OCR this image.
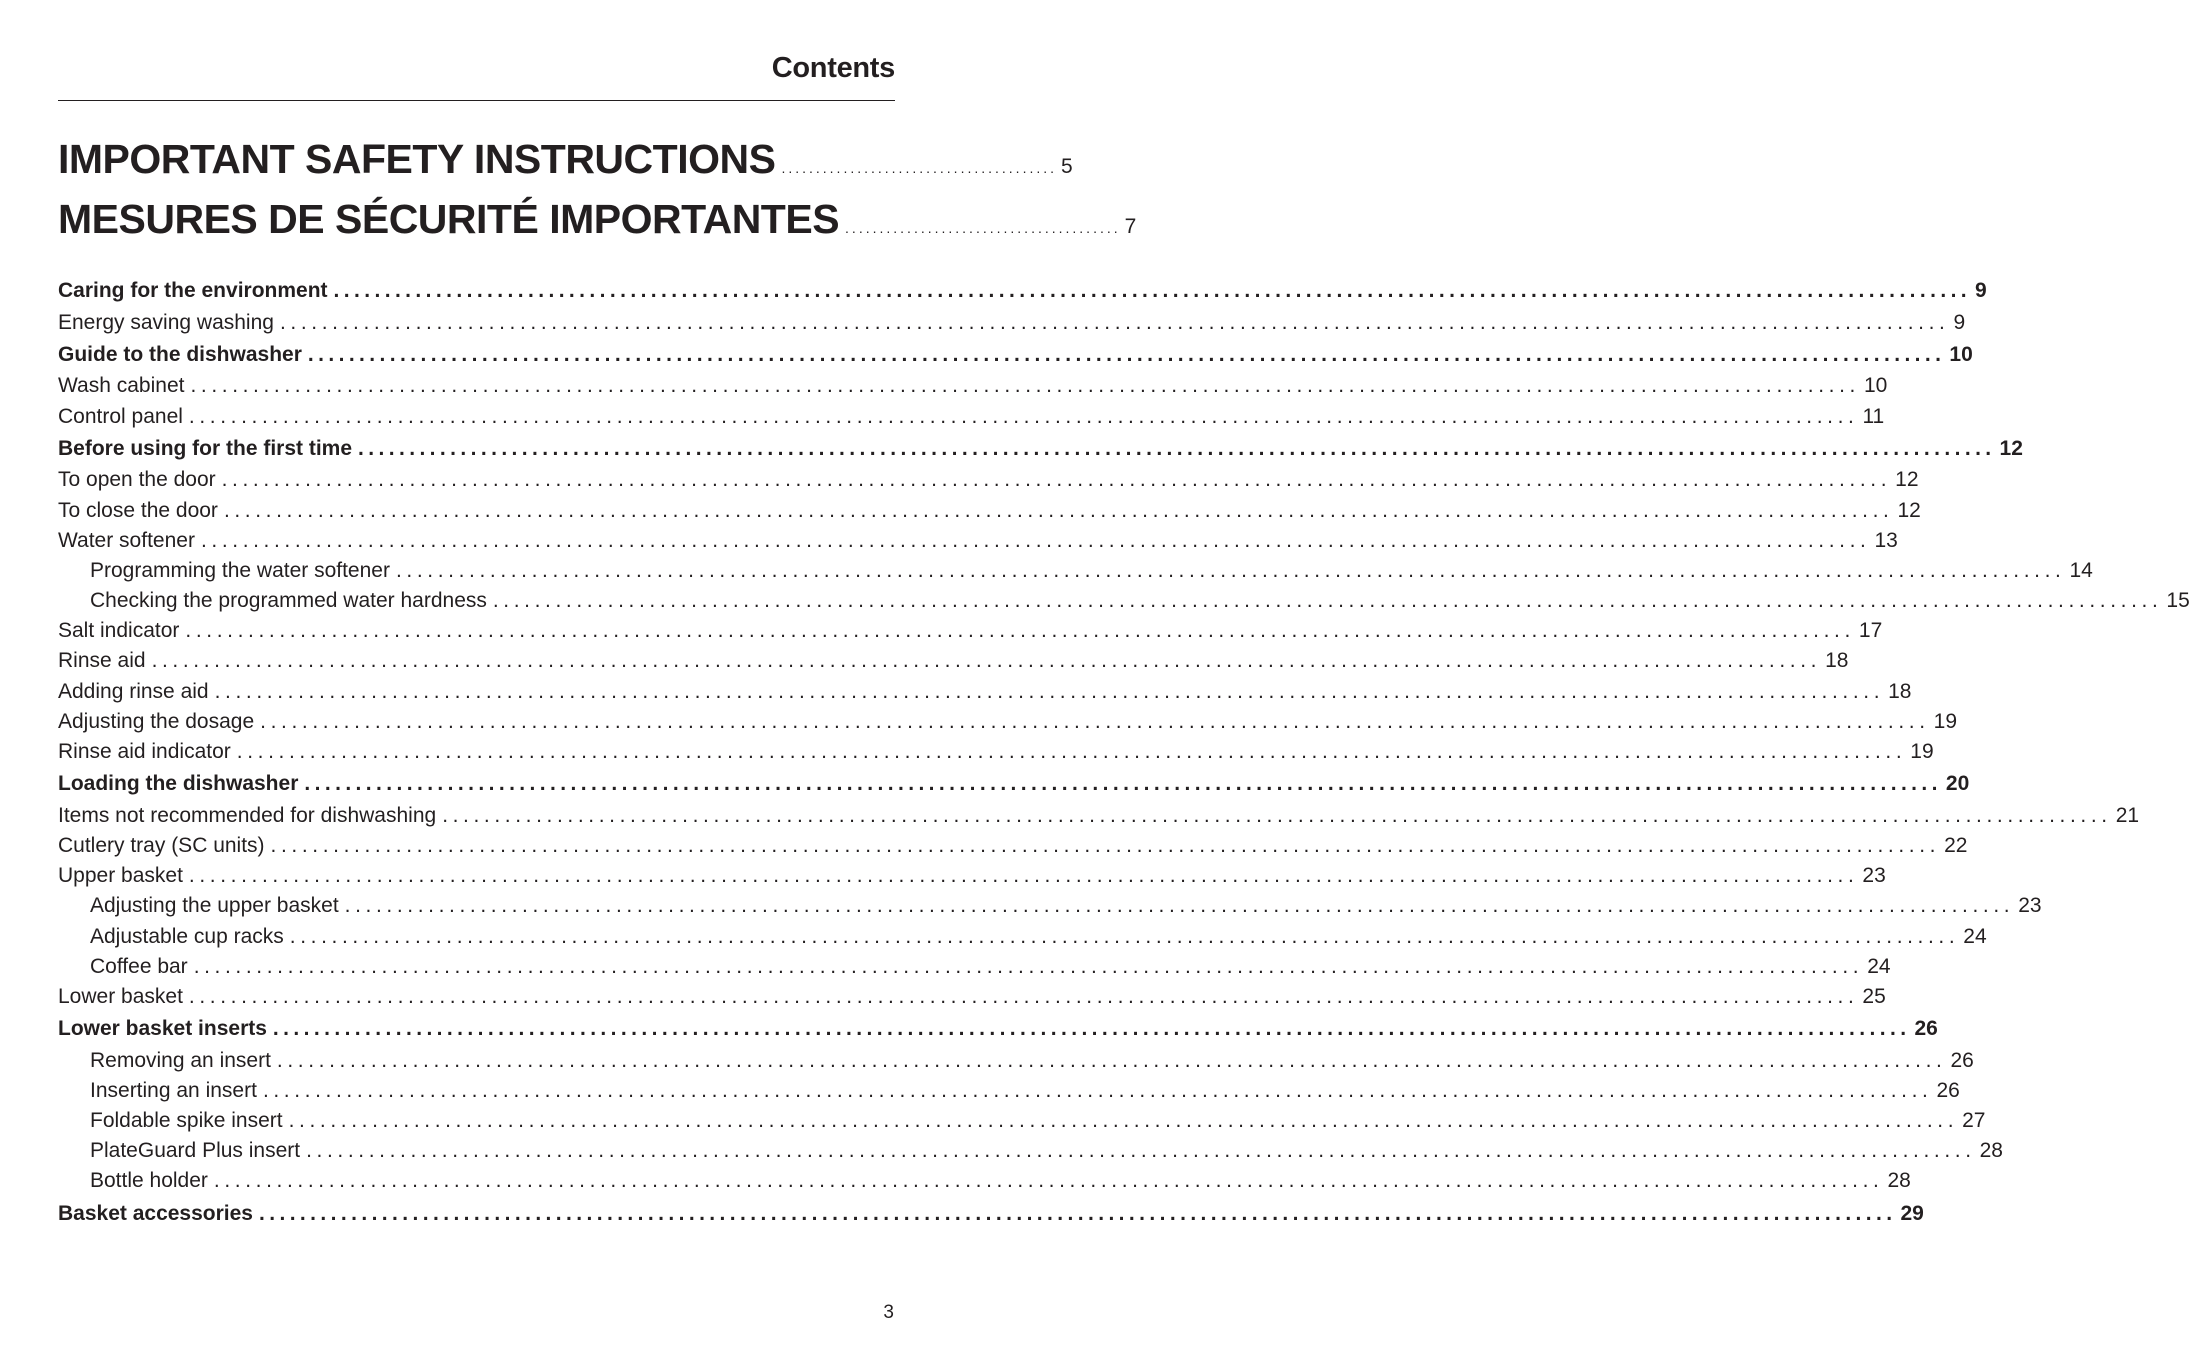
Contents
IMPORTANT SAFETY INSTRUCTIONS ........................................ 5
MESURES DE SÉCURITÉ IMPORTANTES ........................................ 7
Caring for the environment ................................................................................................................................................................ 9
Energy saving washing ................................................................................................................................................................ 9
Guide to the dishwasher ................................................................................................................................................................ 10
Wash cabinet ................................................................................................................................................................ 10
Control panel ................................................................................................................................................................ 11
Before using for the first time ................................................................................................................................................................ 12
To open the door ................................................................................................................................................................ 12
To close the door ................................................................................................................................................................ 12
Water softener ................................................................................................................................................................ 13
Programming the water softener ................................................................................................................................................................ 14
Checking the programmed water hardness ................................................................................................................................................................ 15
Salt indicator ................................................................................................................................................................ 17
Rinse aid ................................................................................................................................................................ 18
Adding rinse aid ................................................................................................................................................................ 18
Adjusting the dosage ................................................................................................................................................................ 19
Rinse aid indicator ................................................................................................................................................................ 19
Loading the dishwasher ................................................................................................................................................................ 20
Items not recommended for dishwashing ................................................................................................................................................................ 21
Cutlery tray (SC units) ................................................................................................................................................................ 22
Upper basket ................................................................................................................................................................ 23
Adjusting the upper basket ................................................................................................................................................................ 23
Adjustable cup racks ................................................................................................................................................................ 24
Coffee bar ................................................................................................................................................................ 24
Lower basket ................................................................................................................................................................ 25
Lower basket inserts ................................................................................................................................................................ 26
Removing an insert ................................................................................................................................................................ 26
Inserting an insert ................................................................................................................................................................ 26
Foldable spike insert ................................................................................................................................................................ 27
PlateGuard Plus insert ................................................................................................................................................................ 28
Bottle holder ................................................................................................................................................................ 28
Basket accessories ................................................................................................................................................................ 29
3
